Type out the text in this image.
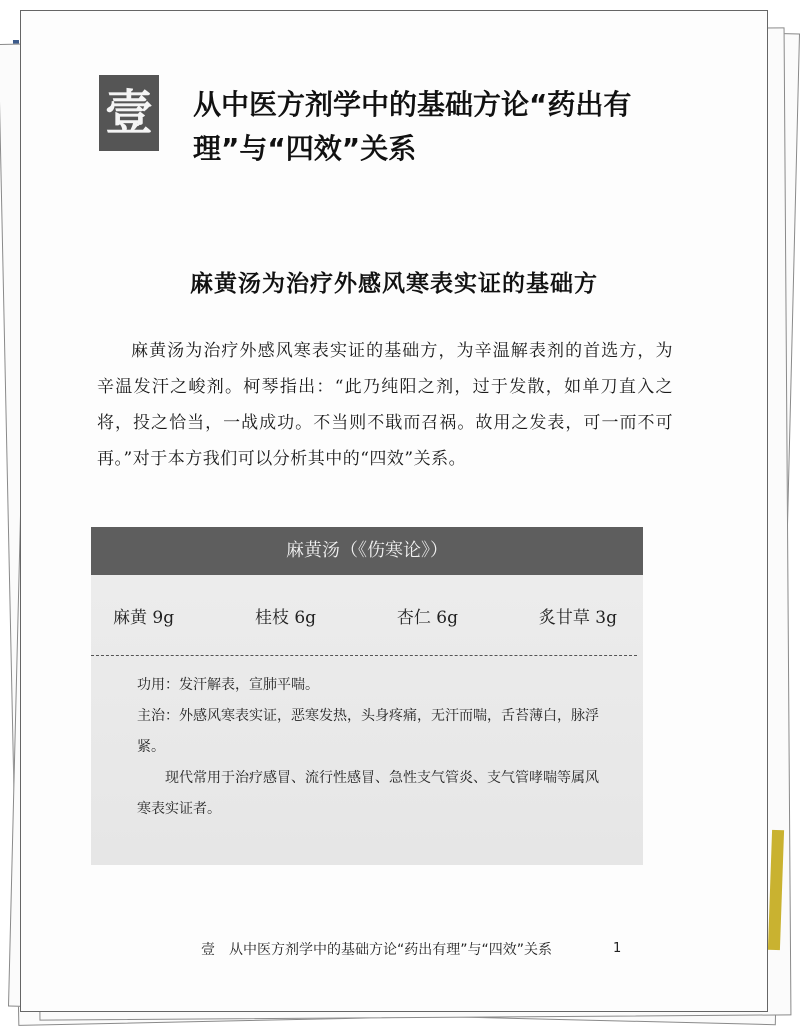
壹 从中医方剂学中的基础方论“药出有理”与“四效”关系
麻黄汤为治疗外感风寒表实证的基础方

麻黄汤为治疗外感风寒表实证的基础方，为辛温解表剂的首选方，为辛温发汗之峻剂。柯琴指出：“此乃纯阳之剂，过于发散，如单刀直入之将，投之恰当，一战成功。不当则不戢而召祸。故用之发表，可一而不可再。”对于本方我们可以分析其中的“四效”关系。

麻黄汤（《伤寒论》）
麻黄 9g	桂枝 6g	杏仁 6g	炙甘草 3g

功用：发汗解表，宣肺平喘。

主治：外感风寒表实证，恶寒发热，头身疼痛，无汗而喘，舌苔薄白，脉浮紧。

现代常用于治疗感冒、流行性感冒、急性支气管炎、支气管哮喘等属风寒表实证者。

壹 从中医方剂学中的基础方论“药出有理”与“四效”关系	1
